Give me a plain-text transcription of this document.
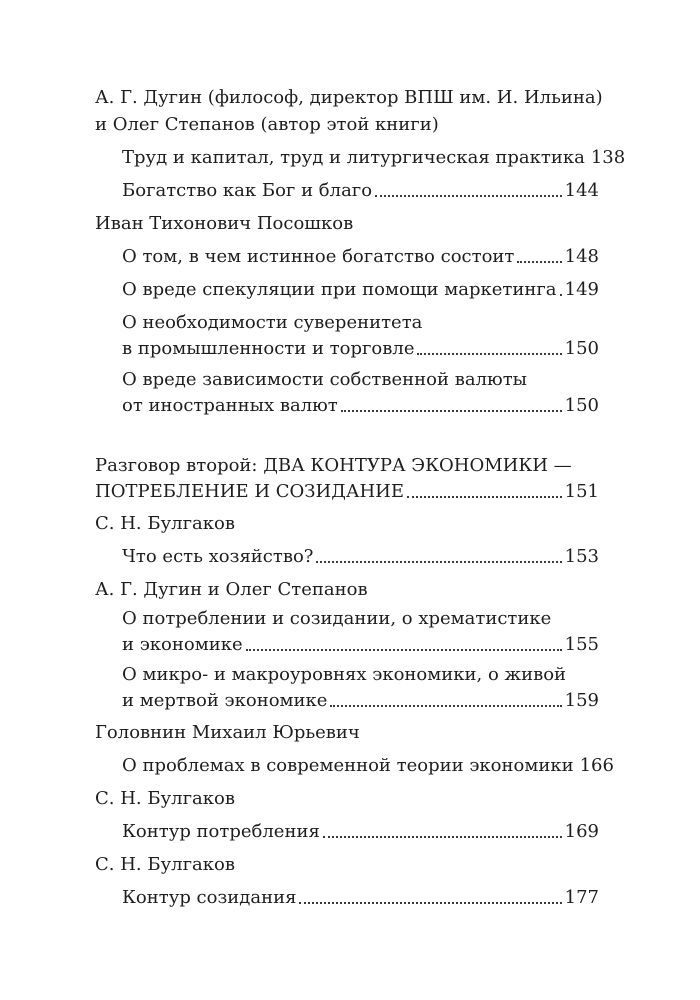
А. Г. Дугин (философ, директор ВПШ им. И. Ильина)
и Олег Степанов (автор этой книги)
Труд и капитал, труд и литургическая практика 138
Богатство как Бог и благо	144
Иван Тихонович Посошков
О том, в чем истинное богатство состоит	148
О вреде спекуляции при помощи маркетинга 149
О необходимости суверенитета
в промышленности и торговле	150
О вреде зависимости собственной валюты
от иностранных валют	150
Разговор второй: ДВА КОНТУРА ЭКОНОМИКИ —
ПОТРЕБЛЕНИЕ И СОЗИДАНИЕ	151
С. Н. Булгаков
Что есть хозяйство?	153
А. Г. Дугин и Олег Степанов
О потреблении и созидании, о хрематистике
и экономике	155
О микро- и макроуровнях экономики, о живой
и мертвой экономике	159
Головнин Михаил Юрьевич
О проблемах в современной теории экономики 166
С. Н. Булгаков
Контур потребления	169
С. Н. Булгаков
Контур созидания	177
